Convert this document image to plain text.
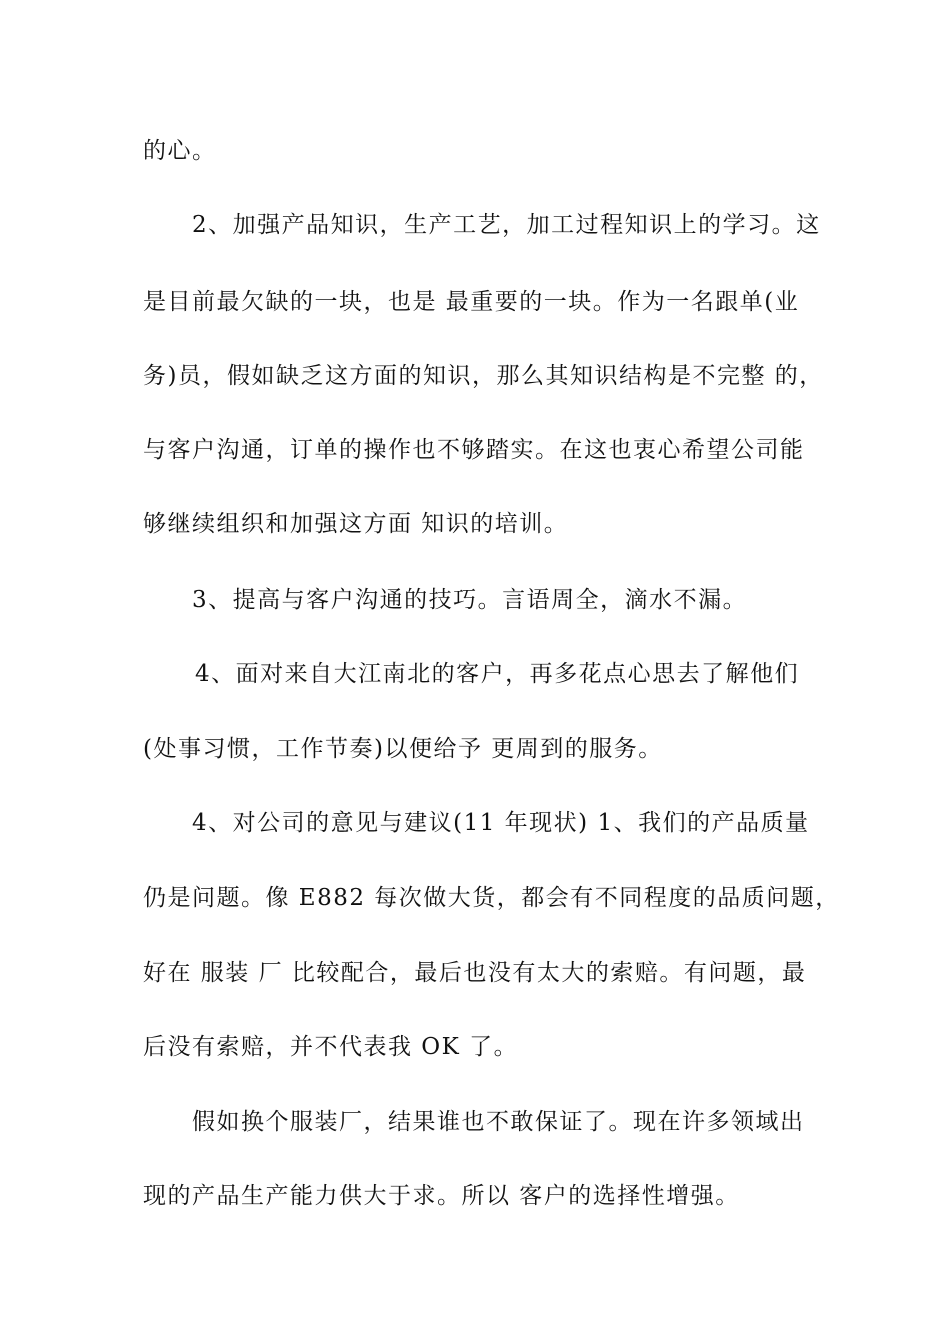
的心。
2、加强产品知识，生产工艺，加工过程知识上的学习。这
是目前最欠缺的一块，也是 最重要的一块。作为一名跟单(业
务)员，假如缺乏这方面的知识，那么其知识结构是不完整 的，
与客户沟通，订单的操作也不够踏实。在这也衷心希望公司能
够继续组织和加强这方面 知识的培训。
3、提高与客户沟通的技巧。言语周全，滴水不漏。
4、面对来自大江南北的客户，再多花点心思去了解他们
(处事习惯，工作节奏)以便给予 更周到的服务。
4、对公司的意见与建议(11 年现状) 1、我们的产品质量
仍是问题。像 E882 每次做大货，都会有不同程度的品质问题，
好在 服装 厂 比较配合，最后也没有太大的索赔。有问题，最
后没有索赔，并不代表我 OK 了。
假如换个服装厂，结果谁也不敢保证了。现在许多领域出
现的产品生产能力供大于求。所以 客户的选择性增强。
